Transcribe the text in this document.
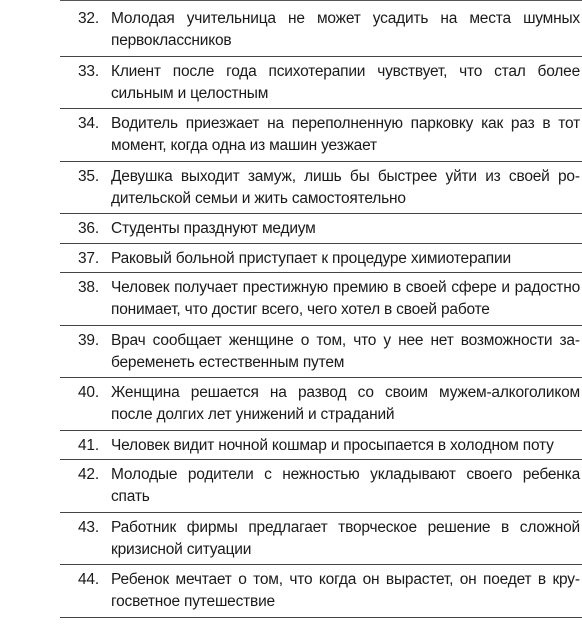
32. Молодая учительница не может усадить на места шумных первоклассников
33. Клиент после года психотерапии чувствует, что стал более сильным и целостным
34. Водитель приезжает на переполненную парковку как раз в тот момент, когда одна из машин уезжает
35. Девушка выходит замуж, лишь бы быстрее уйти из своей родительской семьи и жить самостоятельно
36. Студенты празднуют медиум
37. Раковый больной приступает к процедуре химиотерапии
38. Человек получает престижную премию в своей сфере и радостно понимает, что достиг всего, чего хотел в своей работе
39. Врач сообщает женщине о том, что у нее нет возможности забеременеть естественным путем
40. Женщина решается на развод со своим мужем-алкоголиком после долгих лет унижений и страданий
41. Человек видит ночной кошмар и просыпается в холодном поту
42. Молодые родители с нежностью укладывают своего ребенка спать
43. Работник фирмы предлагает творческое решение в сложной кризисной ситуации
44. Ребенок мечтает о том, что когда он вырастет, он поедет в кругосветное путешествие
